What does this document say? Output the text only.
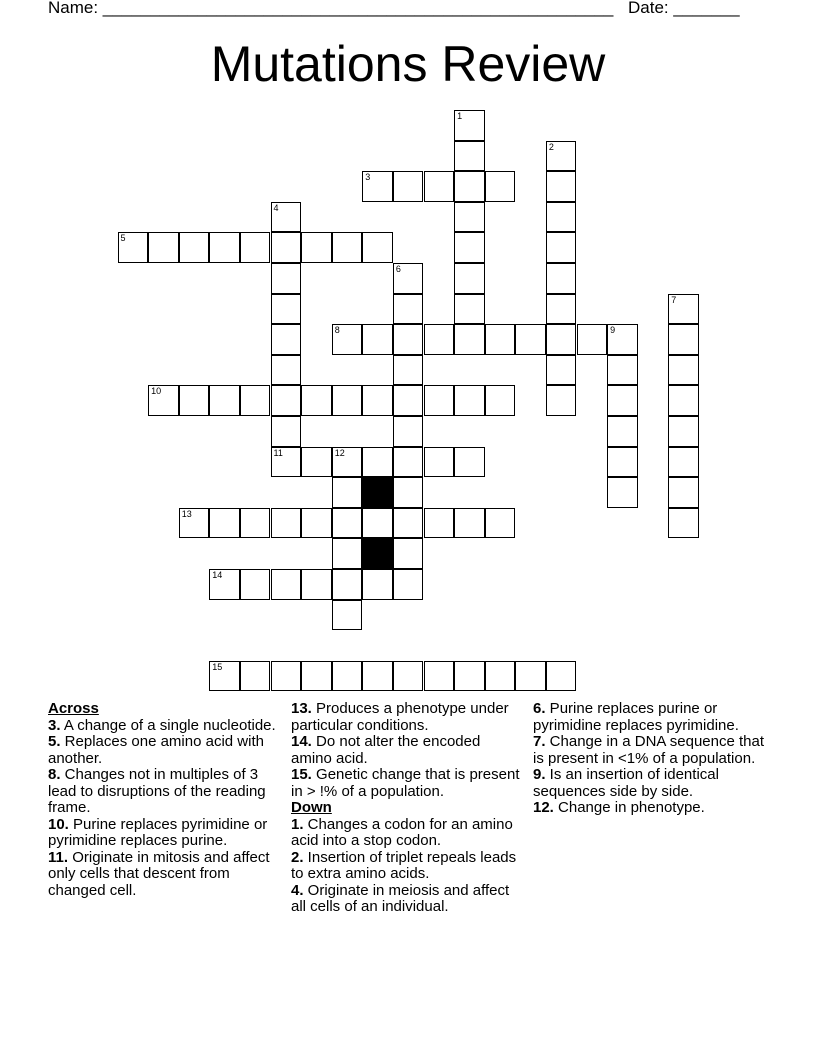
Name: ______________________________________________________ Date: _______
Mutations Review
1
2
3
4
5
6
7
8	9
10
11	12
13
14
15
Across
3. A change of a single nucleotide.
5. Replaces one amino acid with another.
8. Changes not in multiples of 3 lead to disruptions of the reading frame.
10. Purine replaces pyrimidine or pyrimidine replaces purine.
11. Originate in mitosis and affect only cells that descent from changed cell.
13. Produces a phenotype under particular conditions.
14. Do not alter the encoded amino acid.
15. Genetic change that is present in > !% of a population.
Down
1. Changes a codon for an amino acid into a stop codon.
2. Insertion of triplet repeals leads to extra amino acids.
4. Originate in meiosis and affect all cells of an individual.
6. Purine replaces purine or pyrimidine replaces pyrimidine.
7. Change in a DNA sequence that is present in <1% of a population.
9. Is an insertion of identical sequences side by side.
12. Change in phenotype.
